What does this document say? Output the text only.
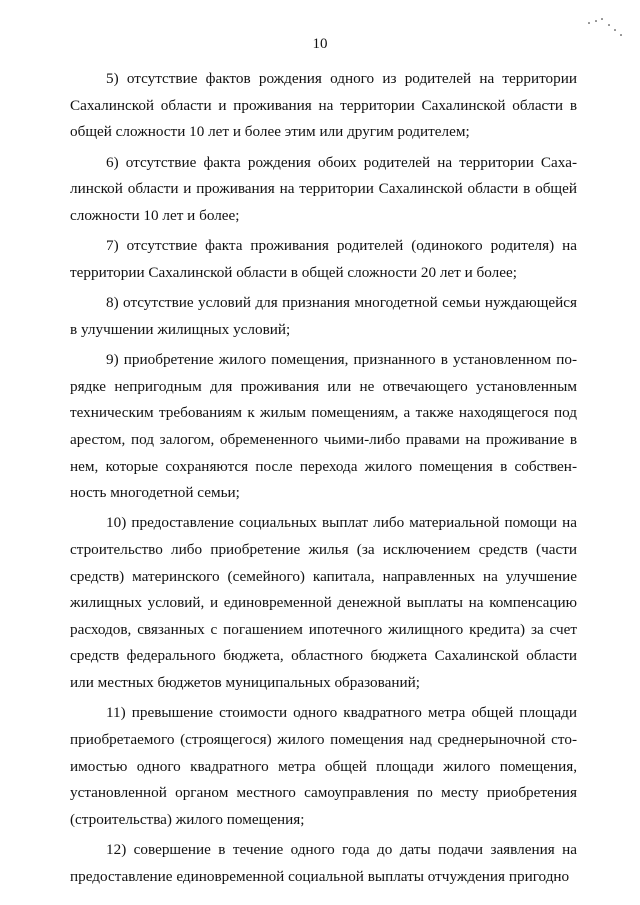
10

5) отсутствие фактов рождения одного из родителей на территории Сахалинской области и проживания на территории Сахалинской области в общей сложности 10 лет и более этим или другим родителем;

6) отсутствие факта рождения обоих родителей на территории Сахалинской области и проживания на территории Сахалинской области в общей сложности 10 лет и более;

7) отсутствие факта проживания родителей (одинокого родителя) на территории Сахалинской области в общей сложности 20 лет и более;

8) отсутствие условий для признания многодетной семьи нуждающейся в улучшении жилищных условий;

9) приобретение жилого помещения, признанного в установленном порядке непригодным для проживания или не отвечающего установленным техническим требованиям к жилым помещениям, а также находящегося под арестом, под залогом, обремененного чьими-либо правами на проживание в нем, которые сохраняются после перехода жилого помещения в собственность многодетной семьи;

10) предоставление социальных выплат либо материальной помощи на строительство либо приобретение жилья (за исключением средств (части средств) материнского (семейного) капитала, направленных на улучшение жилищных условий, и единовременной денежной выплаты на компенсацию расходов, связанных с погашением ипотечного жилищного кредита) за счет средств федерального бюджета, областного бюджета Сахалинской области или местных бюджетов муниципальных образований;

11) превышение стоимости одного квадратного метра общей площади приобретаемого (строящегося) жилого помещения над среднерыночной стоимостью одного квадратного метра общей площади жилого помещения, установленной органом местного самоуправления по месту приобретения (строительства) жилого помещения;

12) совершение в течение одного года до даты подачи заявления на предоставление единовременной социальной выплаты отчуждения пригодно
